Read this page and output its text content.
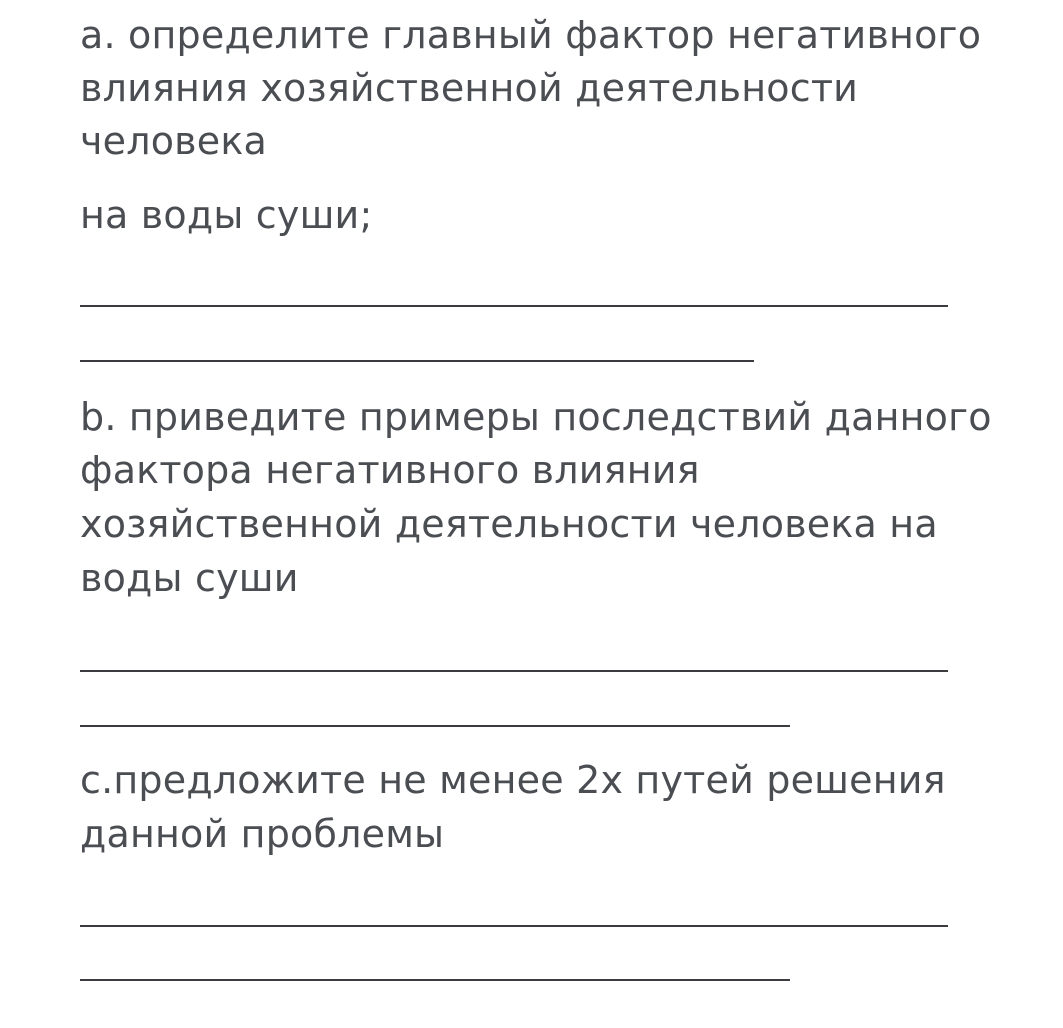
a. определите главный фактор негативного

влияния хозяйственной деятельности

человека

на воды суши;

b. приведите примеры последствий данного

фактора негативного влияния

хозяйственной деятельности человека на

воды суши

c.предложите не менее 2х путей решения

данной проблемы
